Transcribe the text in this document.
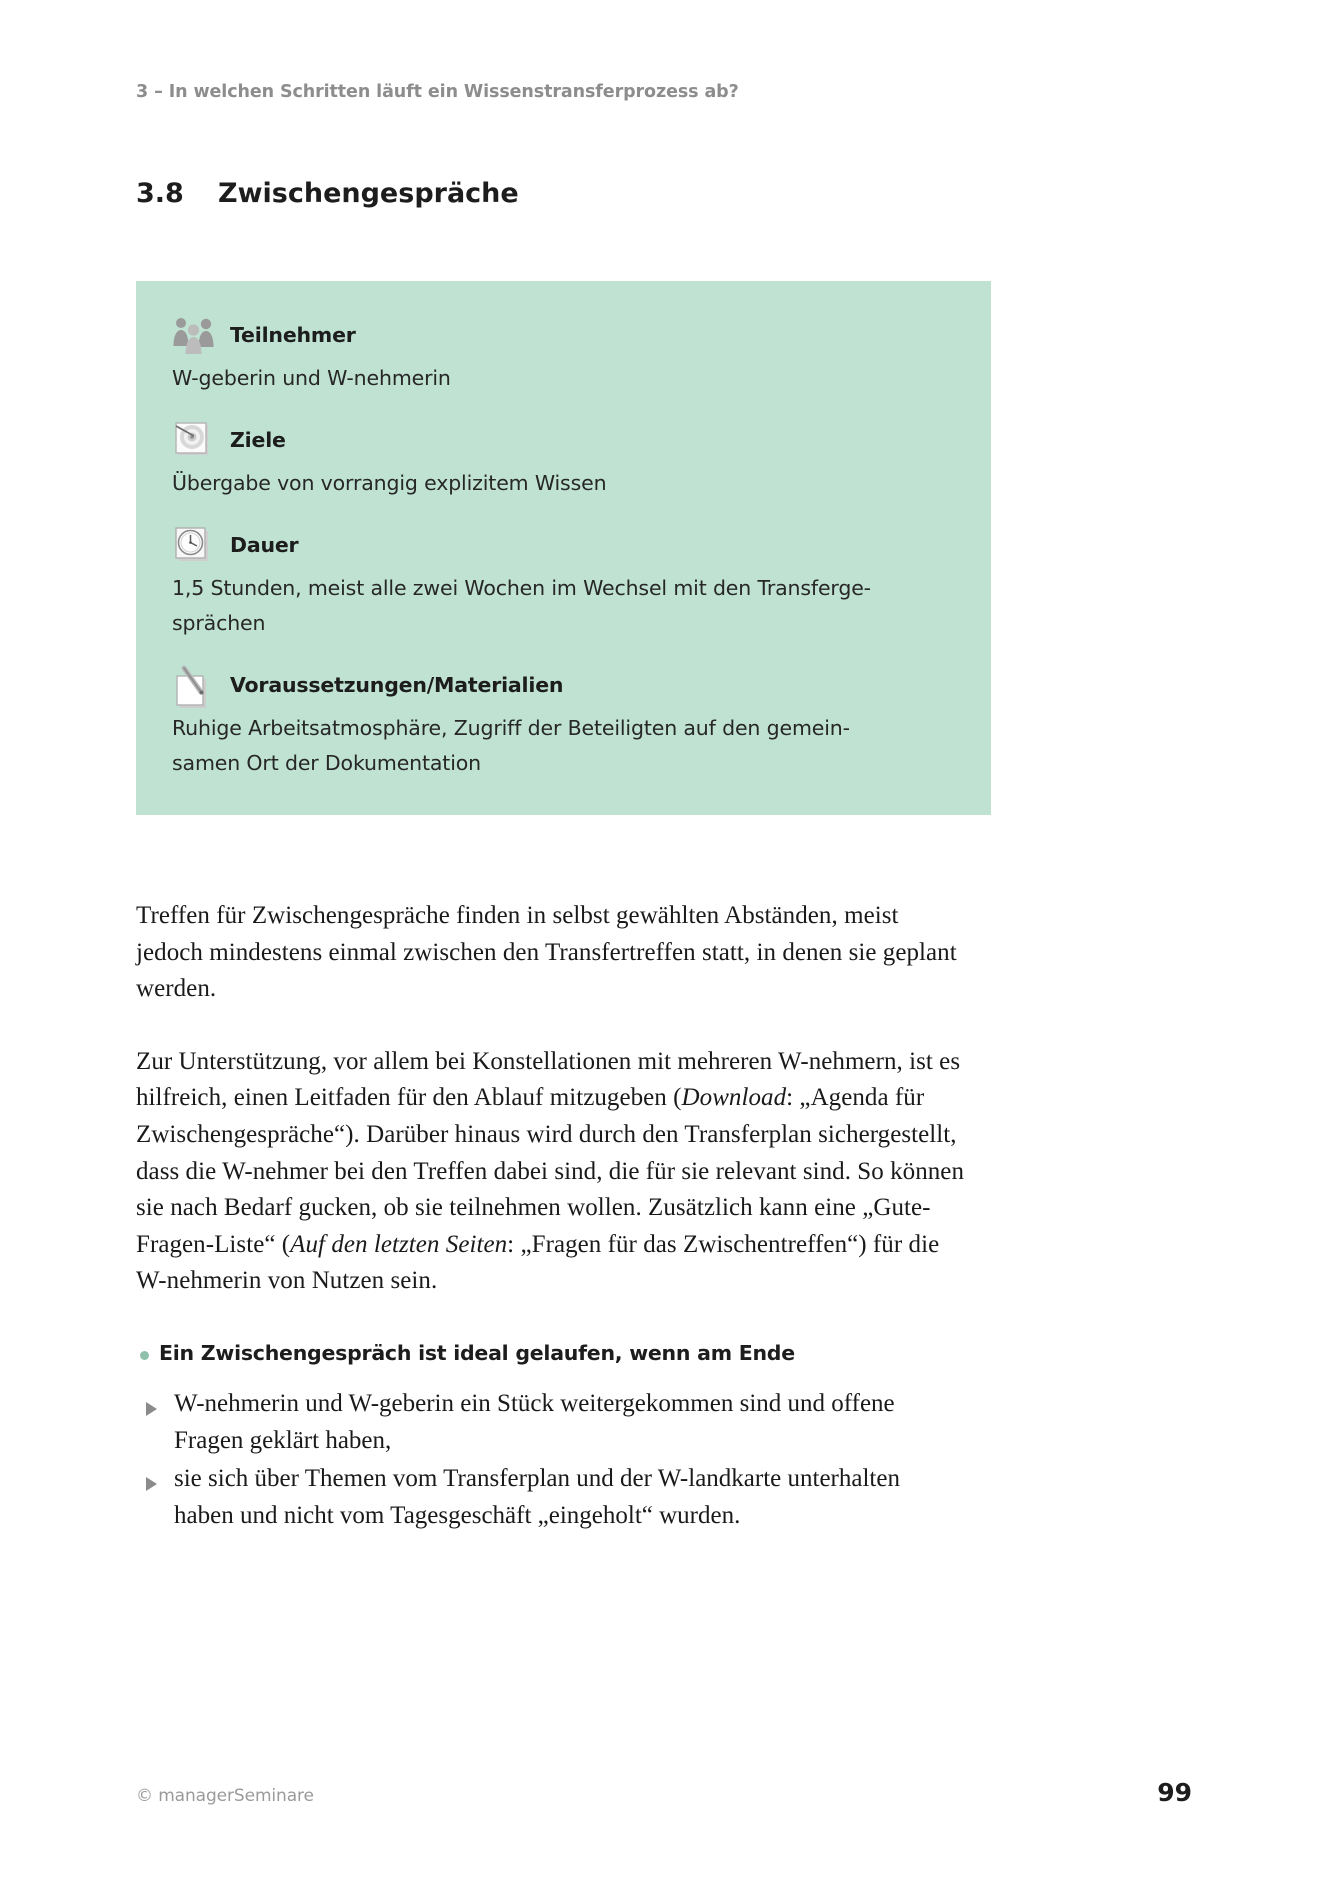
3 – In welchen Schritten läuft ein Wissenstransferprozess ab?
3.8	Zwischengespräche
Teilnehmer
W-geberin und W-nehmerin
Ziele
Übergabe von vorrangig explizitem Wissen
Dauer
1,5 Stunden, meist alle zwei Wochen im Wechsel mit den Transferge-sprächen
Voraussetzungen/Materialien
Ruhige Arbeitsatmosphäre, Zugriff der Beteiligten auf den gemein-samen Ort der Dokumentation

Treffen für Zwischengespräche finden in selbst gewählten Abständen, meist jedoch mindestens einmal zwischen den Transfertreffen statt, in denen sie geplant werden.

Zur Unterstützung, vor allem bei Konstellationen mit mehreren W-nehmern, ist es hilfreich, einen Leitfaden für den Ablauf mitzugeben (Download: „Agenda für Zwischengespräche“). Darüber hinaus wird durch den Transferplan sichergestellt, dass die W-nehmer bei den Treffen dabei sind, die für sie relevant sind. So können sie nach Bedarf gucken, ob sie teilnehmen wollen. Zusätzlich kann eine „Gute-Fragen-Liste“ (Auf den letzten Seiten: „Fragen für das Zwischentreffen“) für die W-nehmerin von Nutzen sein.

Ein Zwischengespräch ist ideal gelaufen, wenn am Ende
W-nehmerin und W-geberin ein Stück weitergekommen sind und offene Fragen geklärt haben,
sie sich über Themen vom Transferplan und der W-landkarte unterhalten haben und nicht vom Tagesgeschäft „eingeholt“ wurden.
© managerSeminare	99
